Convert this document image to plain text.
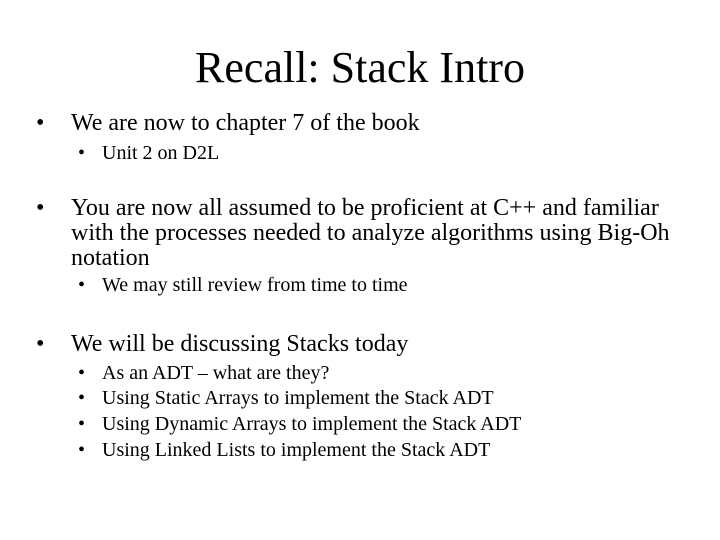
Recall: Stack Intro
• We are now to chapter 7 of the book
• Unit 2 on D2L
• You are now all assumed to be proficient at C++ and familiar with the processes needed to analyze algorithms using Big-Oh notation
• We may still review from time to time
• We will be discussing Stacks today
• As an ADT – what are they?
• Using Static Arrays to implement the Stack ADT
• Using Dynamic Arrays to implement the Stack ADT
• Using Linked Lists to implement the Stack ADT
